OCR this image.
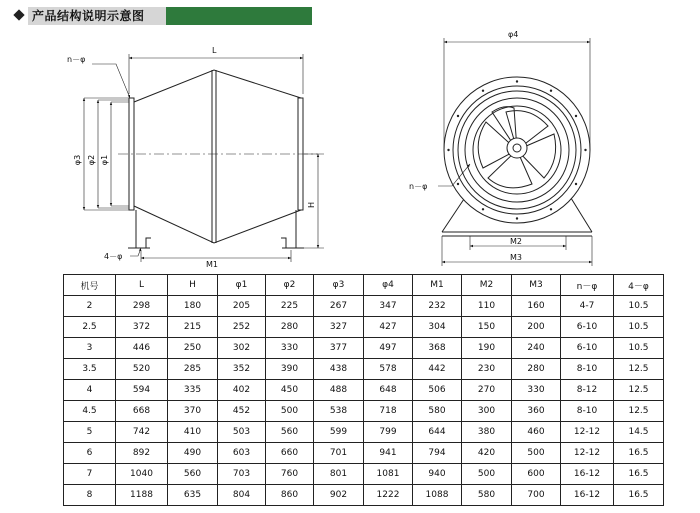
产品结构说明示意图
n－φ
L
φ3 φ2 φ1
H
M1
4－φ
φ4
n－φ
M2
M3
机号	L	H	φ1	φ2	φ3	φ4	M1	M2	M3	n－φ	4－φ
2	298	180	205	225	267	347	232	110	160	4-7	10.5
2.5	372	215	252	280	327	427	304	150	200	6-10	10.5
3	446	250	302	330	377	497	368	190	240	6-10	10.5
3.5	520	285	352	390	438	578	442	230	280	8-10	12.5
4	594	335	402	450	488	648	506	270	330	8-12	12.5
4.5	668	370	452	500	538	718	580	300	360	8-10	12.5
5	742	410	503	560	599	799	644	380	460	12-12	14.5
6	892	490	603	660	701	941	794	420	500	12-12	16.5
7	1040	560	703	760	801	1081	940	500	600	16-12	16.5
8	1188	635	804	860	902	1222	1088	580	700	16-12	16.5
